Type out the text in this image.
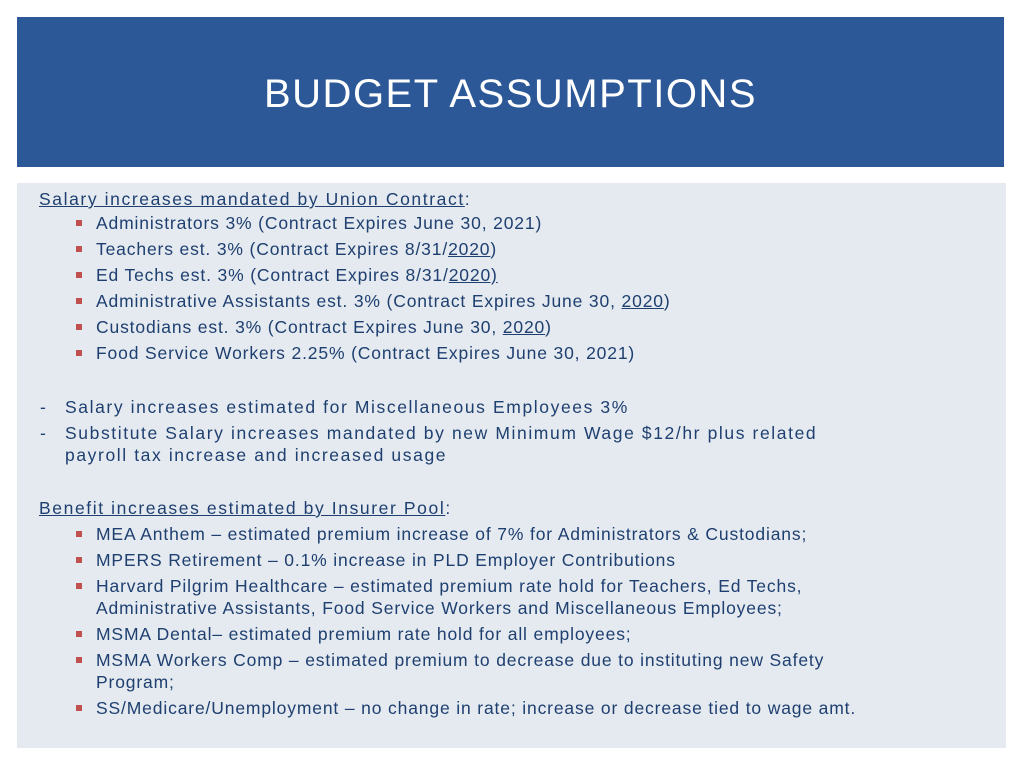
BUDGET ASSUMPTIONS
Salary increases mandated by Union Contract:
Administrators 3% (Contract Expires June 30, 2021)
Teachers est. 3% (Contract Expires 8/31/2020)
Ed Techs est. 3% (Contract Expires 8/31/2020)
Administrative Assistants est. 3% (Contract Expires June 30, 2020)
Custodians est. 3% (Contract Expires June 30, 2020)
Food Service Workers 2.25% (Contract Expires June 30, 2021)
- Salary increases estimated for Miscellaneous Employees 3%
- Substitute Salary increases mandated by new Minimum Wage $12/hr plus related
payroll tax increase and increased usage
Benefit increases estimated by Insurer Pool:
MEA Anthem – estimated premium increase of 7% for Administrators & Custodians;
MPERS Retirement – 0.1% increase in PLD Employer Contributions
Harvard Pilgrim Healthcare – estimated premium rate hold for Teachers, Ed Techs,
Administrative Assistants, Food Service Workers and Miscellaneous Employees;
MSMA Dental– estimated premium rate hold for all employees;
MSMA Workers Comp – estimated premium to decrease due to instituting new Safety
Program;
SS/Medicare/Unemployment – no change in rate; increase or decrease tied to wage amt.
